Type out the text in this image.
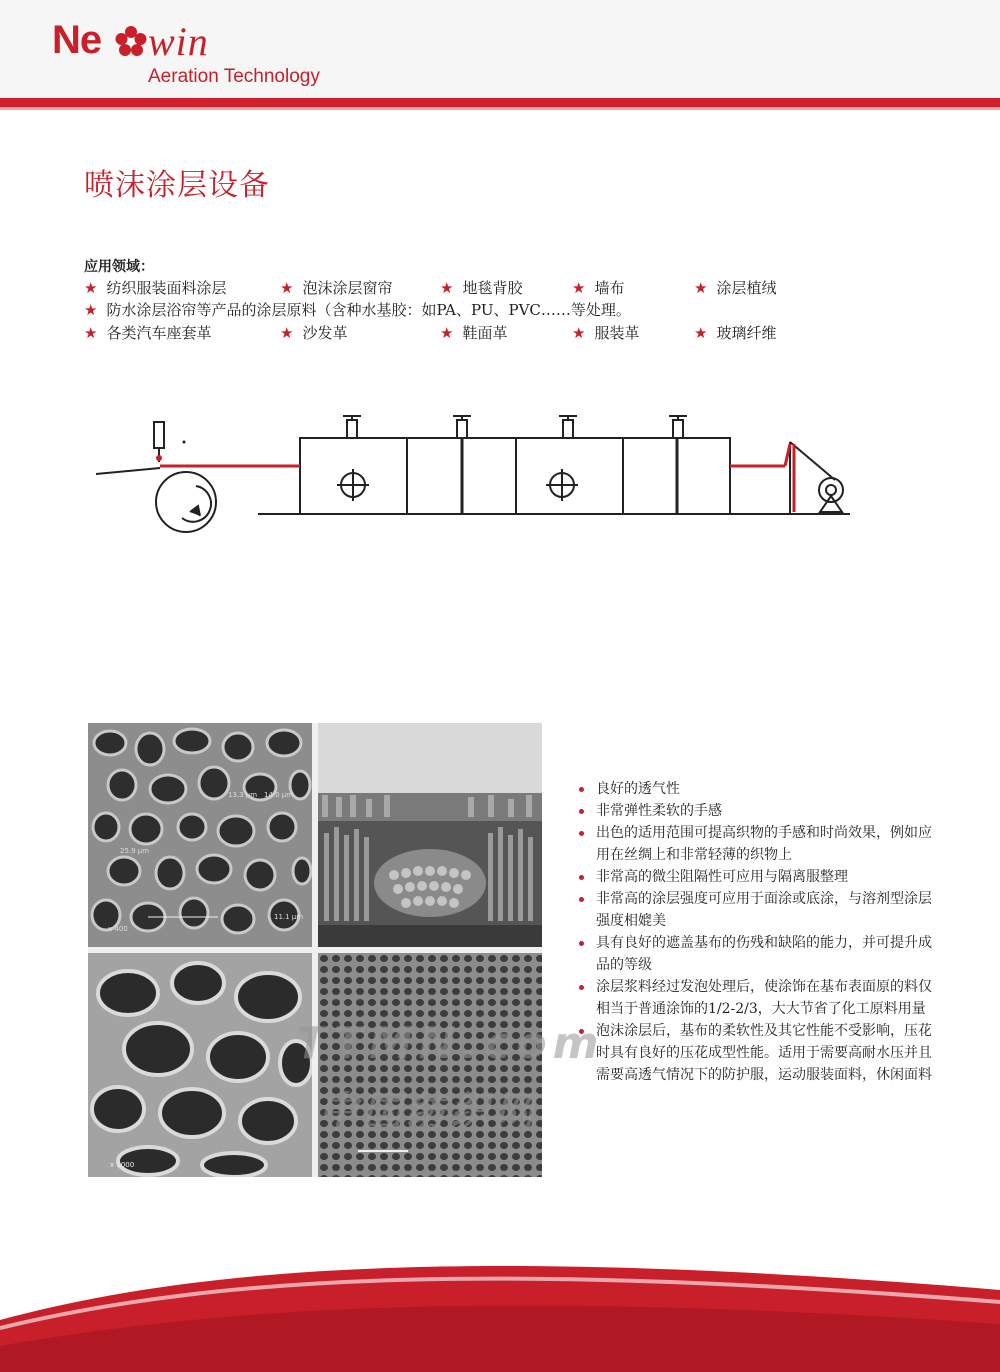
Ne win
Aeration Technology
喷沫涂层设备
应用领域：
★ 纺织服装面料涂层	★ 泡沫涂层窗帘	★ 地毯背胶	★ 墙布	★ 涂层植绒
★ 防水涂层浴帘等产品的涂层原料（含种水基胶：如PA、PU、PVC……等处理。
★ 各类汽车座套革	★ 沙发革	★ 鞋面革	★ 服装革	★ 玻璃纤维
13.3 µm 14.0 µm
25.9 µm
11.1 µm
x 400
x 1000
良好的透气性
非常弹性柔软的手感
出色的适用范围可提高织物的手感和时尚效果，例如应用在丝绸上和非常轻薄的织物上
非常高的微尘阻隔性可应用与隔离服整理
非常高的涂层强度可应用于面涂或底涂，与溶剂型涂层强度相媲美
具有良好的遮盖基布的伤残和缺陷的能力，并可提升成品的等级
涂层浆料经过发泡处理后，使涂饰在基布表面原的料仅相当于普通涂饰的1/2-2/3，大大节省了化工原料用量
泡沫涂层后，基布的柔软性及其它性能不受影响，压花时具有良好的压花成型性能。适用于需要高耐水压并且需要高透气情况下的防护服，运动服装面料，休闲面料
TTMN.com
中国纺织网
